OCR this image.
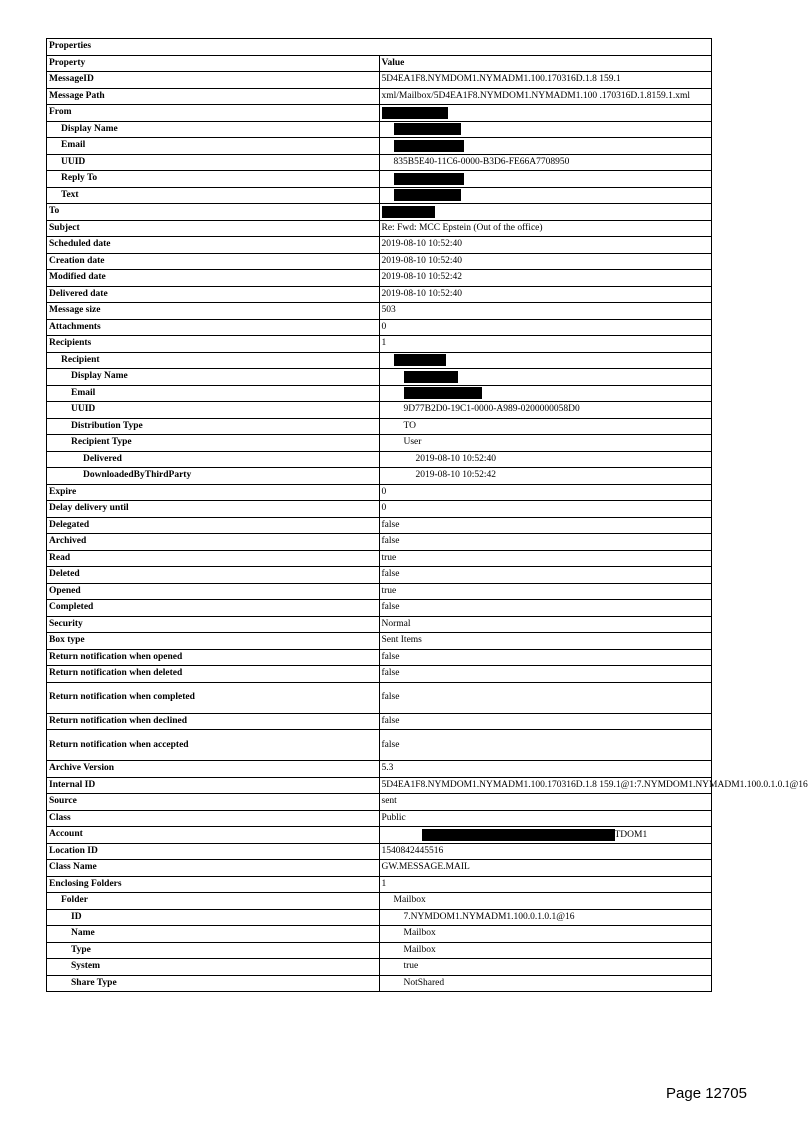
Properties	
Property	Value
MessageID	5D4EA1F8.NYMDOM1.NYMADM1.100.170316D.1.8 159.1
Message Path	xml/Mailbox/5D4EA1F8.NYMDOM1.NYMADM1.100 .170316D.1.8159.1.xml
From	
Display Name	
Email	
UUID	835B5E40-11C6-0000-B3D6-FE66A7708950
Reply To	
Text	
To	
Subject	Re: Fwd: MCC Epstein (Out of the office)
Scheduled date	2019-08-10 10:52:40
Creation date	2019-08-10 10:52:40
Modified date	2019-08-10 10:52:42
Delivered date	2019-08-10 10:52:40
Message size	503
Attachments	0
Recipients	1
Recipient	
Display Name	
Email	
UUID	9D77B2D0-19C1-0000-A989-0200000058D0
Distribution Type	TO
Recipient Type	User
Delivered	2019-08-10 10:52:40
DownloadedByThirdParty	2019-08-10 10:52:42
Expire	0
Delay delivery until	0
Delegated	false
Archived	false
Read	true
Deleted	false
Opened	true
Completed	false
Security	Normal
Box type	Sent Items
Return notification when opened	false
Return notification when deleted	false
Return notification when completed	false
Return notification when declined	false
Return notification when accepted	false
Archive Version	5.3
Internal ID	5D4EA1F8.NYMDOM1.NYMADM1.100.170316D.1.8 159.1@1:7.NYMDOM1.NYMADM1.100.0.1.0.1@16
Source	sent
Class	Public
Account	TDOM1
Location ID	1540842445516
Class Name	GW.MESSAGE.MAIL
Enclosing Folders	1
Folder	Mailbox
ID	7.NYMDOM1.NYMADM1.100.0.1.0.1@16
Name	Mailbox
Type	Mailbox
System	true
Share Type	NotShared
Page 12705
